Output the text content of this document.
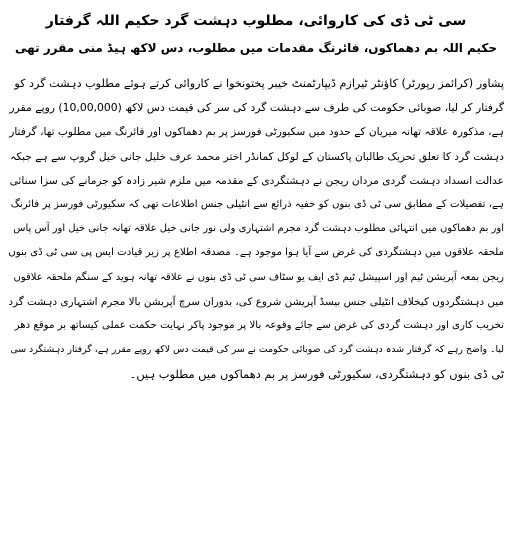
سی ٹی ڈی کی کاروائی، مطلوب دہشت گرد حکیم اللہ گرفتار
حکیم اللہ بم دھماکوں، فائرنگ مقدمات میں مطلوب، دس لاکھ ہیڈ منی مقرر تھی
پشاور (کرائمز رپورٹر) کاؤنٹر ٹیرازم ڈیپارٹمنٹ خیبر پختونخوا نے کاروائی کرتے ہوئے مطلوب دہشت گرد کو
گرفتار کر لیا، صوبائی حکومت کی طرف سے دہشت گرد کی سر کی قیمت دس لاکھ (10,00,000) روپے مقرر
ہے، مذکورہ علاقہ تھانہ میریان کے حدود میں سکیورٹی فورسز پر بم دھماکوں اور فائرنگ میں مطلوب تھا، گرفتار
دہشت گرد کا تعلق تحریک طالبان پاکستان کے لوکل کمانڈر اختر محمد عرف خلیل جانی خیل گروپ سے ہے جبکہ
عدالت انسداد دہشت گردی مردان ریجن نے دہشتگردی کے مقدمہ میں ملزم شیر زادہ کو جرمانے کی سزا سنائی
ہے، تفصیلات کے مطابق سی ٹی ڈی بنوں کو خفیہ ذرائع سے انٹیلی جنس اطلاعات تھی کہ سکیورٹی فورسز پر فائرنگ
اور بم دھماکوں میں انتہائی مطلوب دہشت گرد مجرم اشتہاری ولی نور جانی خیل علاقہ تھانہ جانی خیل اور آس پاس
ملحقہ علاقوں میں دہشتگردی کی غرض سے آیا ہوا موجود ہے۔ مصدقہ اطلاع پر زیر قیادت ایس پی سی ٹی ڈی بنوں
ریجن بمعہ آپریشن ٹیم اور اسپیشل ٹیم ڈی ایف یو سٹاف سی ٹی ڈی بنوں نے علاقہ تھانہ ہوید کے سنگم ملحقہ علاقوں
میں دہشتگردوں کیخلاف انٹیلی جنس بیسڈ آپریشن شروع کی، بدوران سرچ آپریشن بالا مجرم اشتہاری دہشت گرد
تخریب کاری اور دہشت گردی کی غرض سے جائے وقوعہ بالا پر موجود پاکر نہایت حکمت عملی کیساتھ بر موقع دھر
لیا۔ واضح رہے کہ گرفتار شدہ دہشت گرد کی صوبائی حکومت نے سر کی قیمت دس لاکھ روپے مقرر ہے، گرفتار دہشتگرد سی
ٹی ڈی بنوں کو دہشتگردی، سکیورٹی فورسز پر بم دھماکوں میں مطلوب ہیں۔
